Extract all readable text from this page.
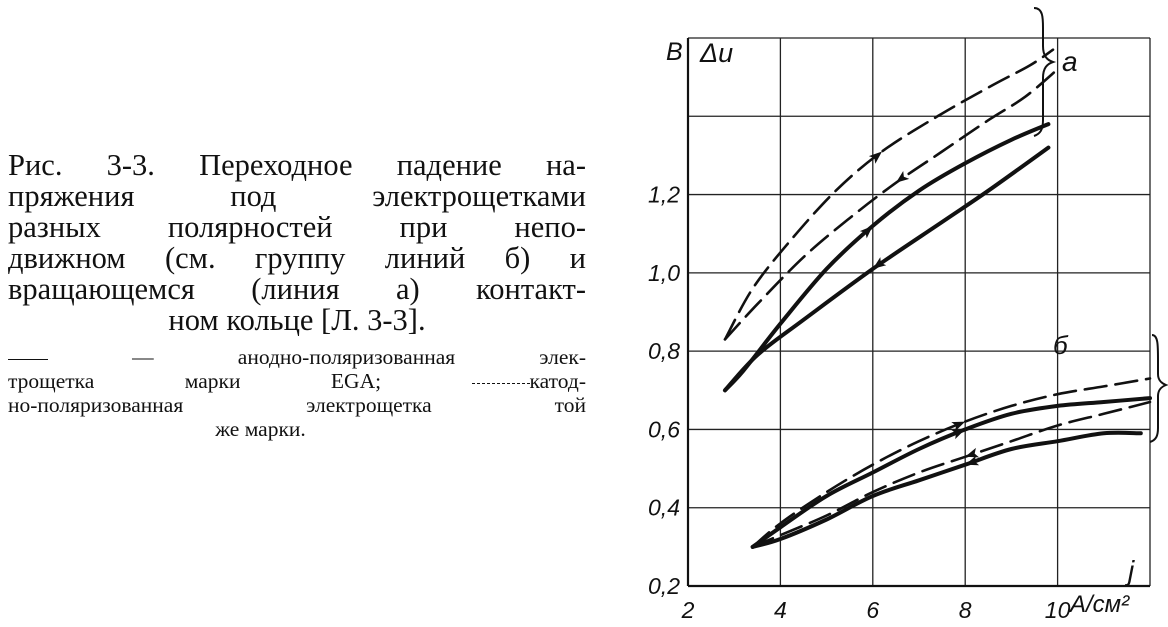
Рис. 3-3. Переходное падение на-
пряжения под электрощетками
разных полярностей при непо-
движном (см. группу линий б) и
вращающемся (линия а) контакт-
ном кольце [Л. 3-3].
— анодно-поляризованная элек-
трощетка марки EGA;	катод-
но-поляризованная электрощетка той
же марки.
2	4	6	8	10
0,2
0,4
0,6
0,8
1,0
1,2
В Δu
j
А/см²
а
б
